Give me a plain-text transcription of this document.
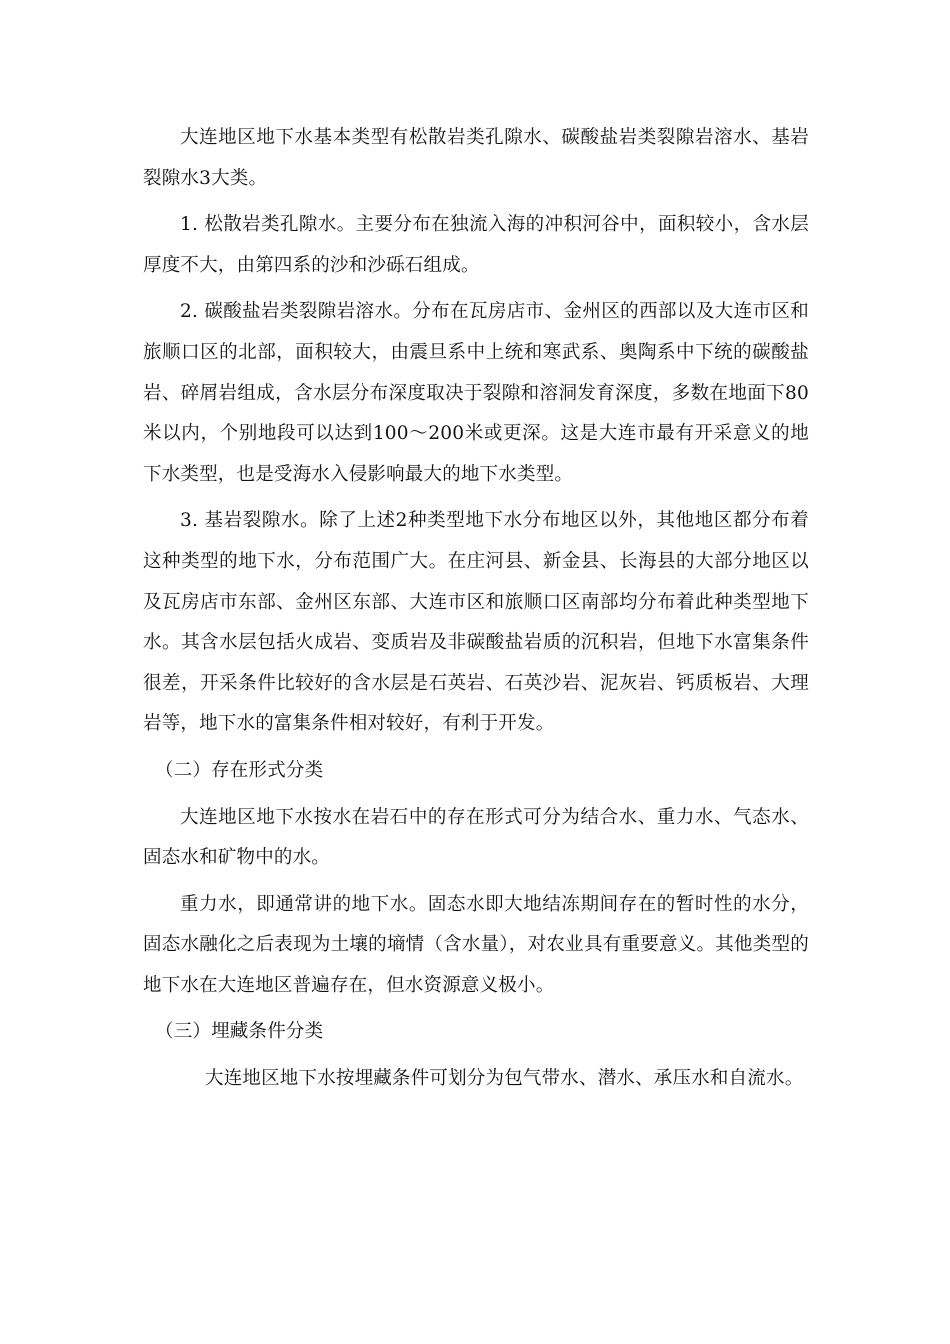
大连地区地下水基本类型有松散岩类孔隙水、碳酸盐岩类裂隙岩溶水、基岩裂隙水3大类。

1. 松散岩类孔隙水。主要分布在独流入海的冲积河谷中，面积较小，含水层厚度不大，由第四系的沙和沙砾石组成。

2. 碳酸盐岩类裂隙岩溶水。分布在瓦房店市、金州区的西部以及大连市区和旅顺口区的北部，面积较大，由震旦系中上统和寒武系、奥陶系中下统的碳酸盐岩、碎屑岩组成，含水层分布深度取决于裂隙和溶洞发育深度，多数在地面下80米以内，个别地段可以达到100～200米或更深。这是大连市最有开采意义的地下水类型，也是受海水入侵影响最大的地下水类型。

3. 基岩裂隙水。除了上述2种类型地下水分布地区以外，其他地区都分布着这种类型的地下水，分布范围广大。在庄河县、新金县、长海县的大部分地区以及瓦房店市东部、金州区东部、大连市区和旅顺口区南部均分布着此种类型地下水。其含水层包括火成岩、变质岩及非碳酸盐岩质的沉积岩，但地下水富集条件很差，开采条件比较好的含水层是石英岩、石英沙岩、泥灰岩、钙质板岩、大理岩等，地下水的富集条件相对较好，有利于开发。

（二）存在形式分类

大连地区地下水按水在岩石中的存在形式可分为结合水、重力水、气态水、固态水和矿物中的水。

重力水，即通常讲的地下水。固态水即大地结冻期间存在的暂时性的水分，固态水融化之后表现为土壤的墒情（含水量），对农业具有重要意义。其他类型的地下水在大连地区普遍存在，但水资源意义极小。

（三）埋藏条件分类

大连地区地下水按埋藏条件可划分为包气带水、潜水、承压水和自流水。
